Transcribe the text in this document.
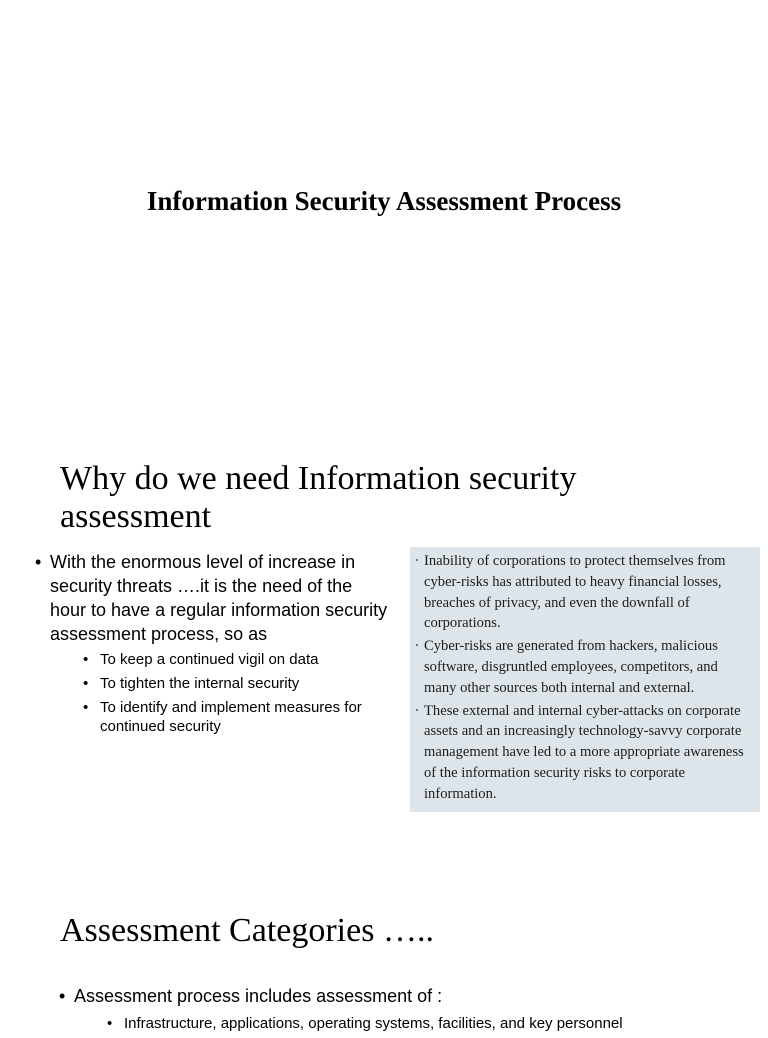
Information Security Assessment Process
Why do we need Information security assessment
• With the enormous level of increase in security threats ….it is the need of the hour to have a regular information security assessment process, so as
• To keep a continued vigil on data
• To tighten the internal security
• To identify and implement measures for continued security
Inability of corporations to protect themselves from cyber-risks has attributed to heavy financial losses, breaches of privacy, and even the downfall of corporations.
Cyber-risks are generated from hackers, malicious software, disgruntled employees, competitors, and many other sources both internal and external.
These external and internal cyber-attacks on corporate assets and an increasingly technology-savvy corporate management have led to a more appropriate awareness of the information security risks to corporate information.
Assessment Categories …..
• Assessment process includes assessment of :
• Infrastructure, applications, operating systems, facilities, and key personnel
